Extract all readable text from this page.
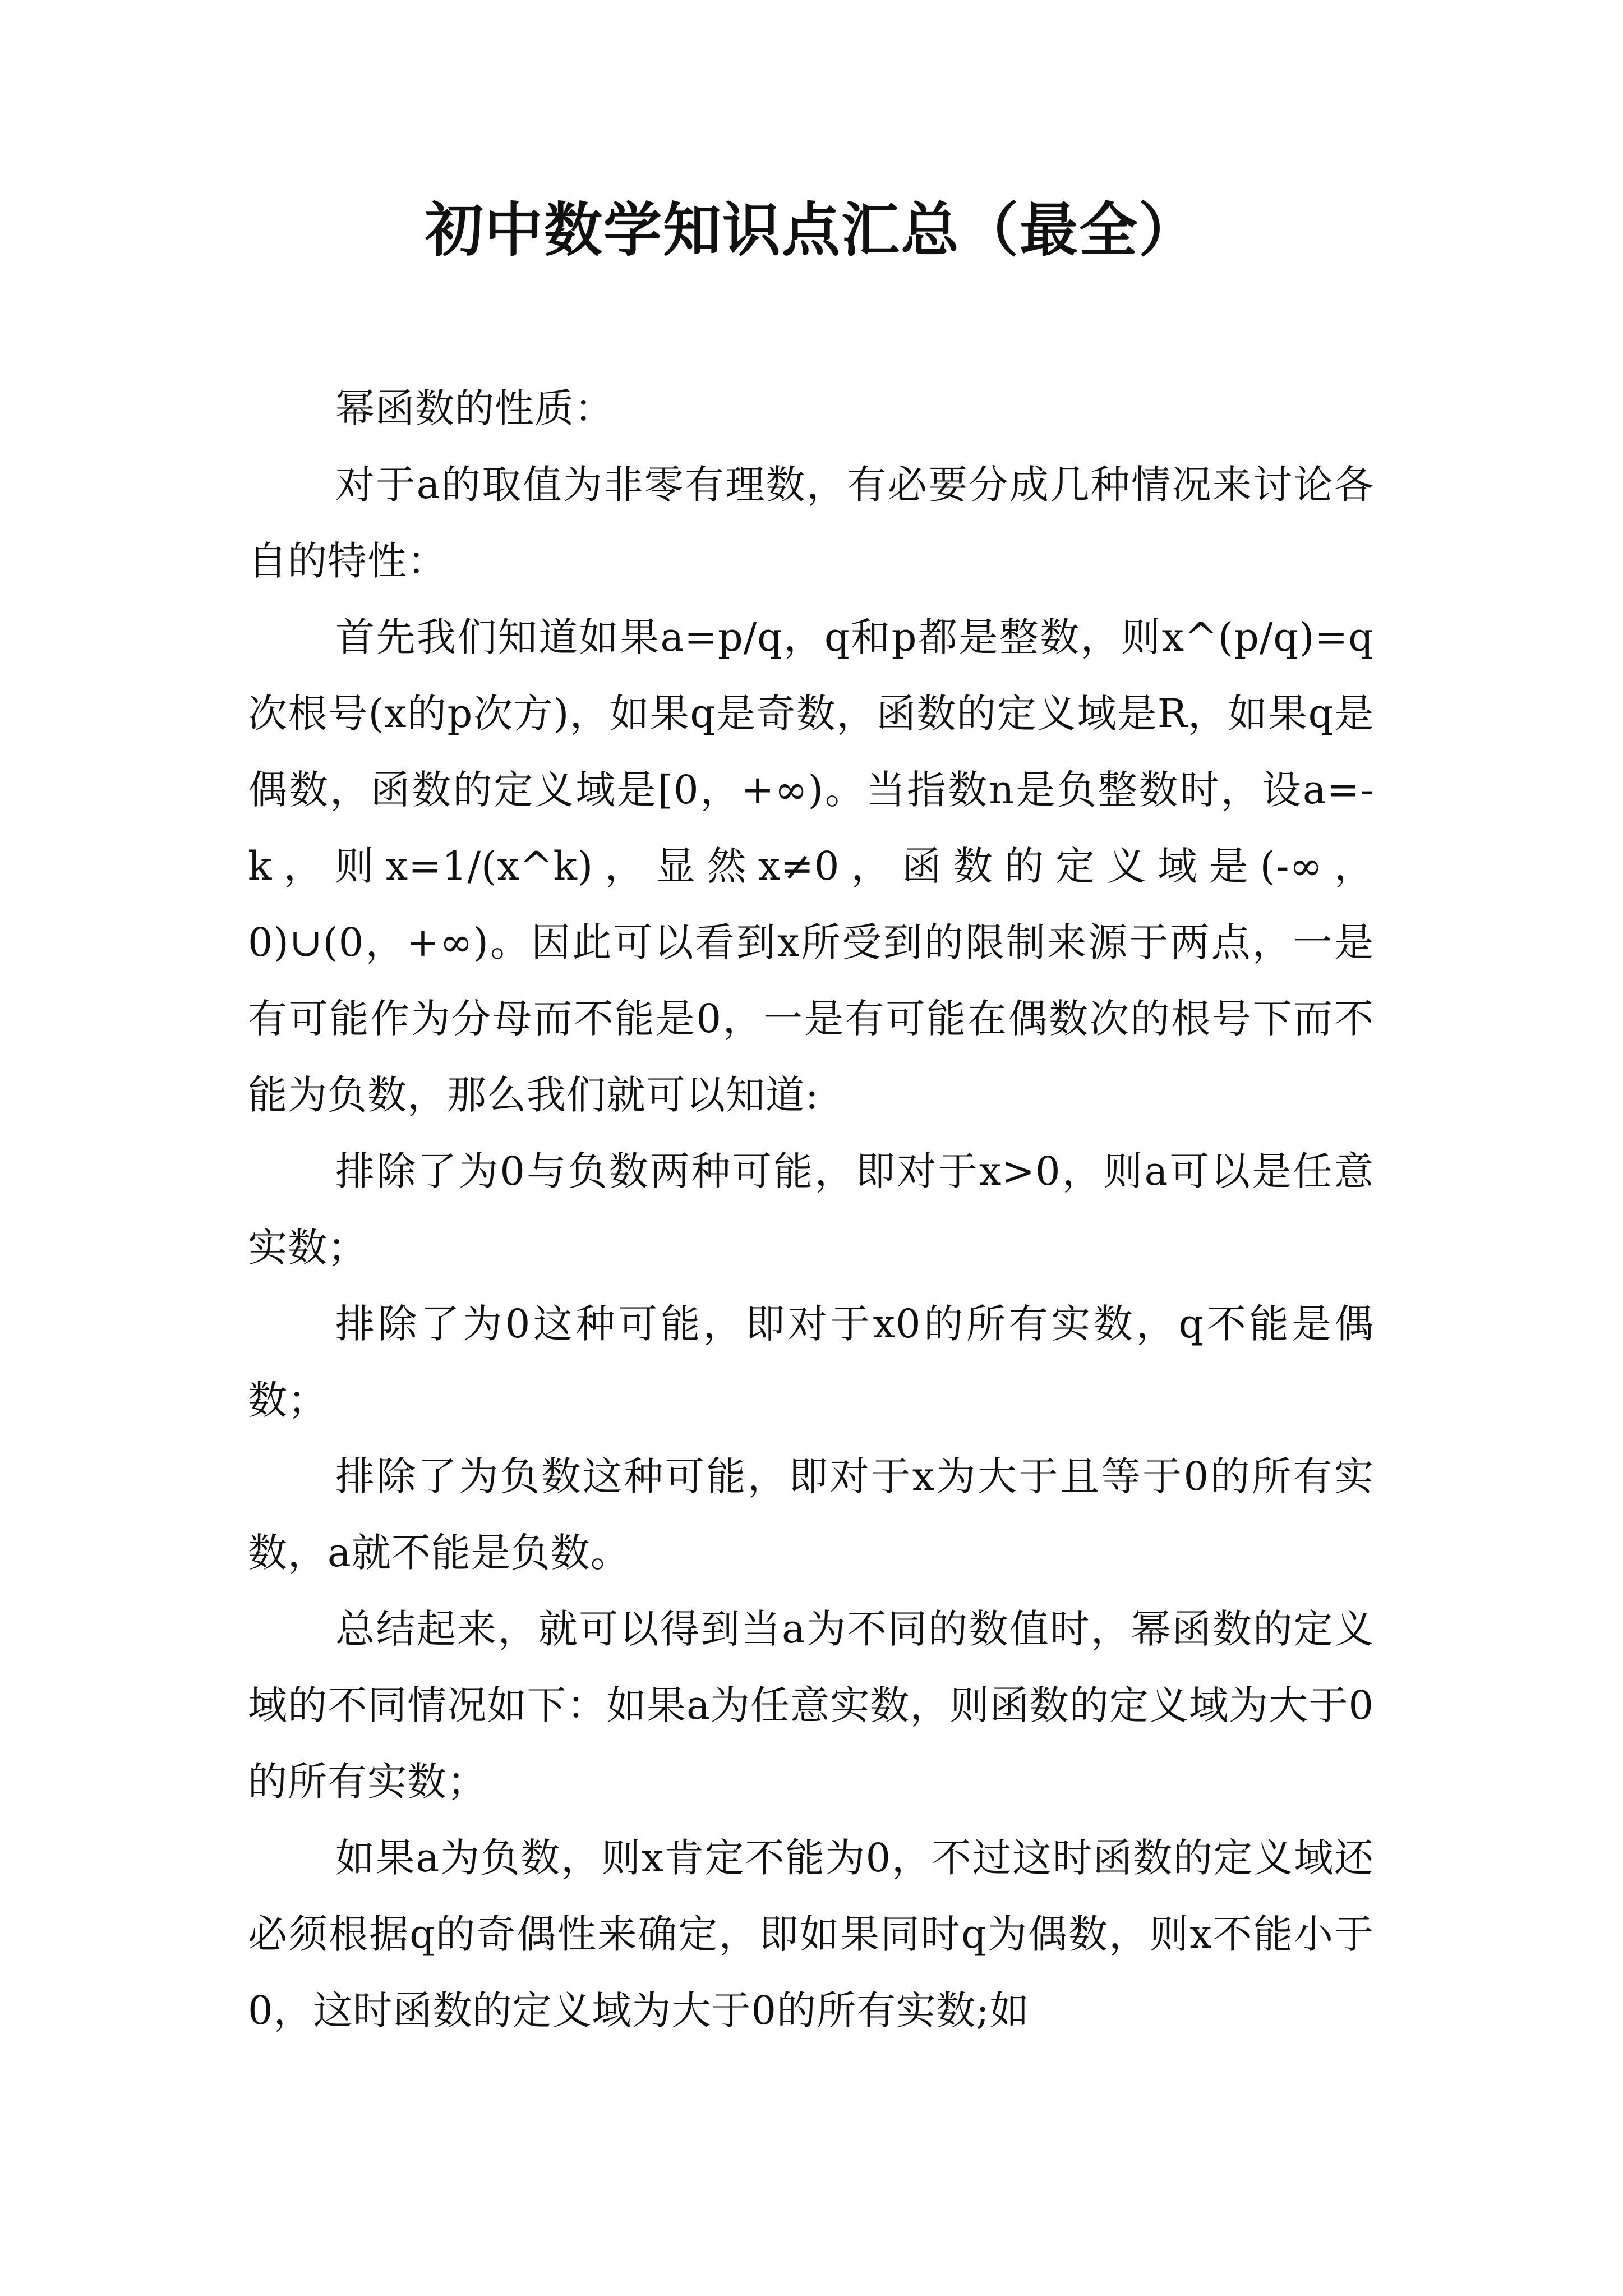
初中数学知识点汇总（最全）

幂函数的性质：

对于a的取值为非零有理数，有必要分成几种情况来讨论各自的特性：

首先我们知道如果a=p/q，q和p都是整数，则x^(p/q)=q次根号(x的p次方)，如果q是奇数，函数的定义域是R，如果q是偶数，函数的定义域是[0，+∞)。当指数n是负整数时，设a=-k，则x=1/(x^k)，显然x≠0，函数的定义域是(-∞，0)∪(0，+∞)。因此可以看到x所受到的限制来源于两点，一是有可能作为分母而不能是0，一是有可能在偶数次的根号下而不能为负数，那么我们就可以知道:

排除了为0与负数两种可能，即对于x>0，则a可以是任意实数；

排除了为0这种可能，即对于x0的所有实数，q不能是偶数；

排除了为负数这种可能，即对于x为大于且等于0的所有实数，a就不能是负数。

总结起来，就可以得到当a为不同的数值时，幂函数的定义域的不同情况如下：如果a为任意实数，则函数的定义域为大于0的所有实数；

如果a为负数，则x肯定不能为0，不过这时函数的定义域还必须根据q的奇偶性来确定，即如果同时q为偶数，则x不能小于0，这时函数的定义域为大于0的所有实数;如
